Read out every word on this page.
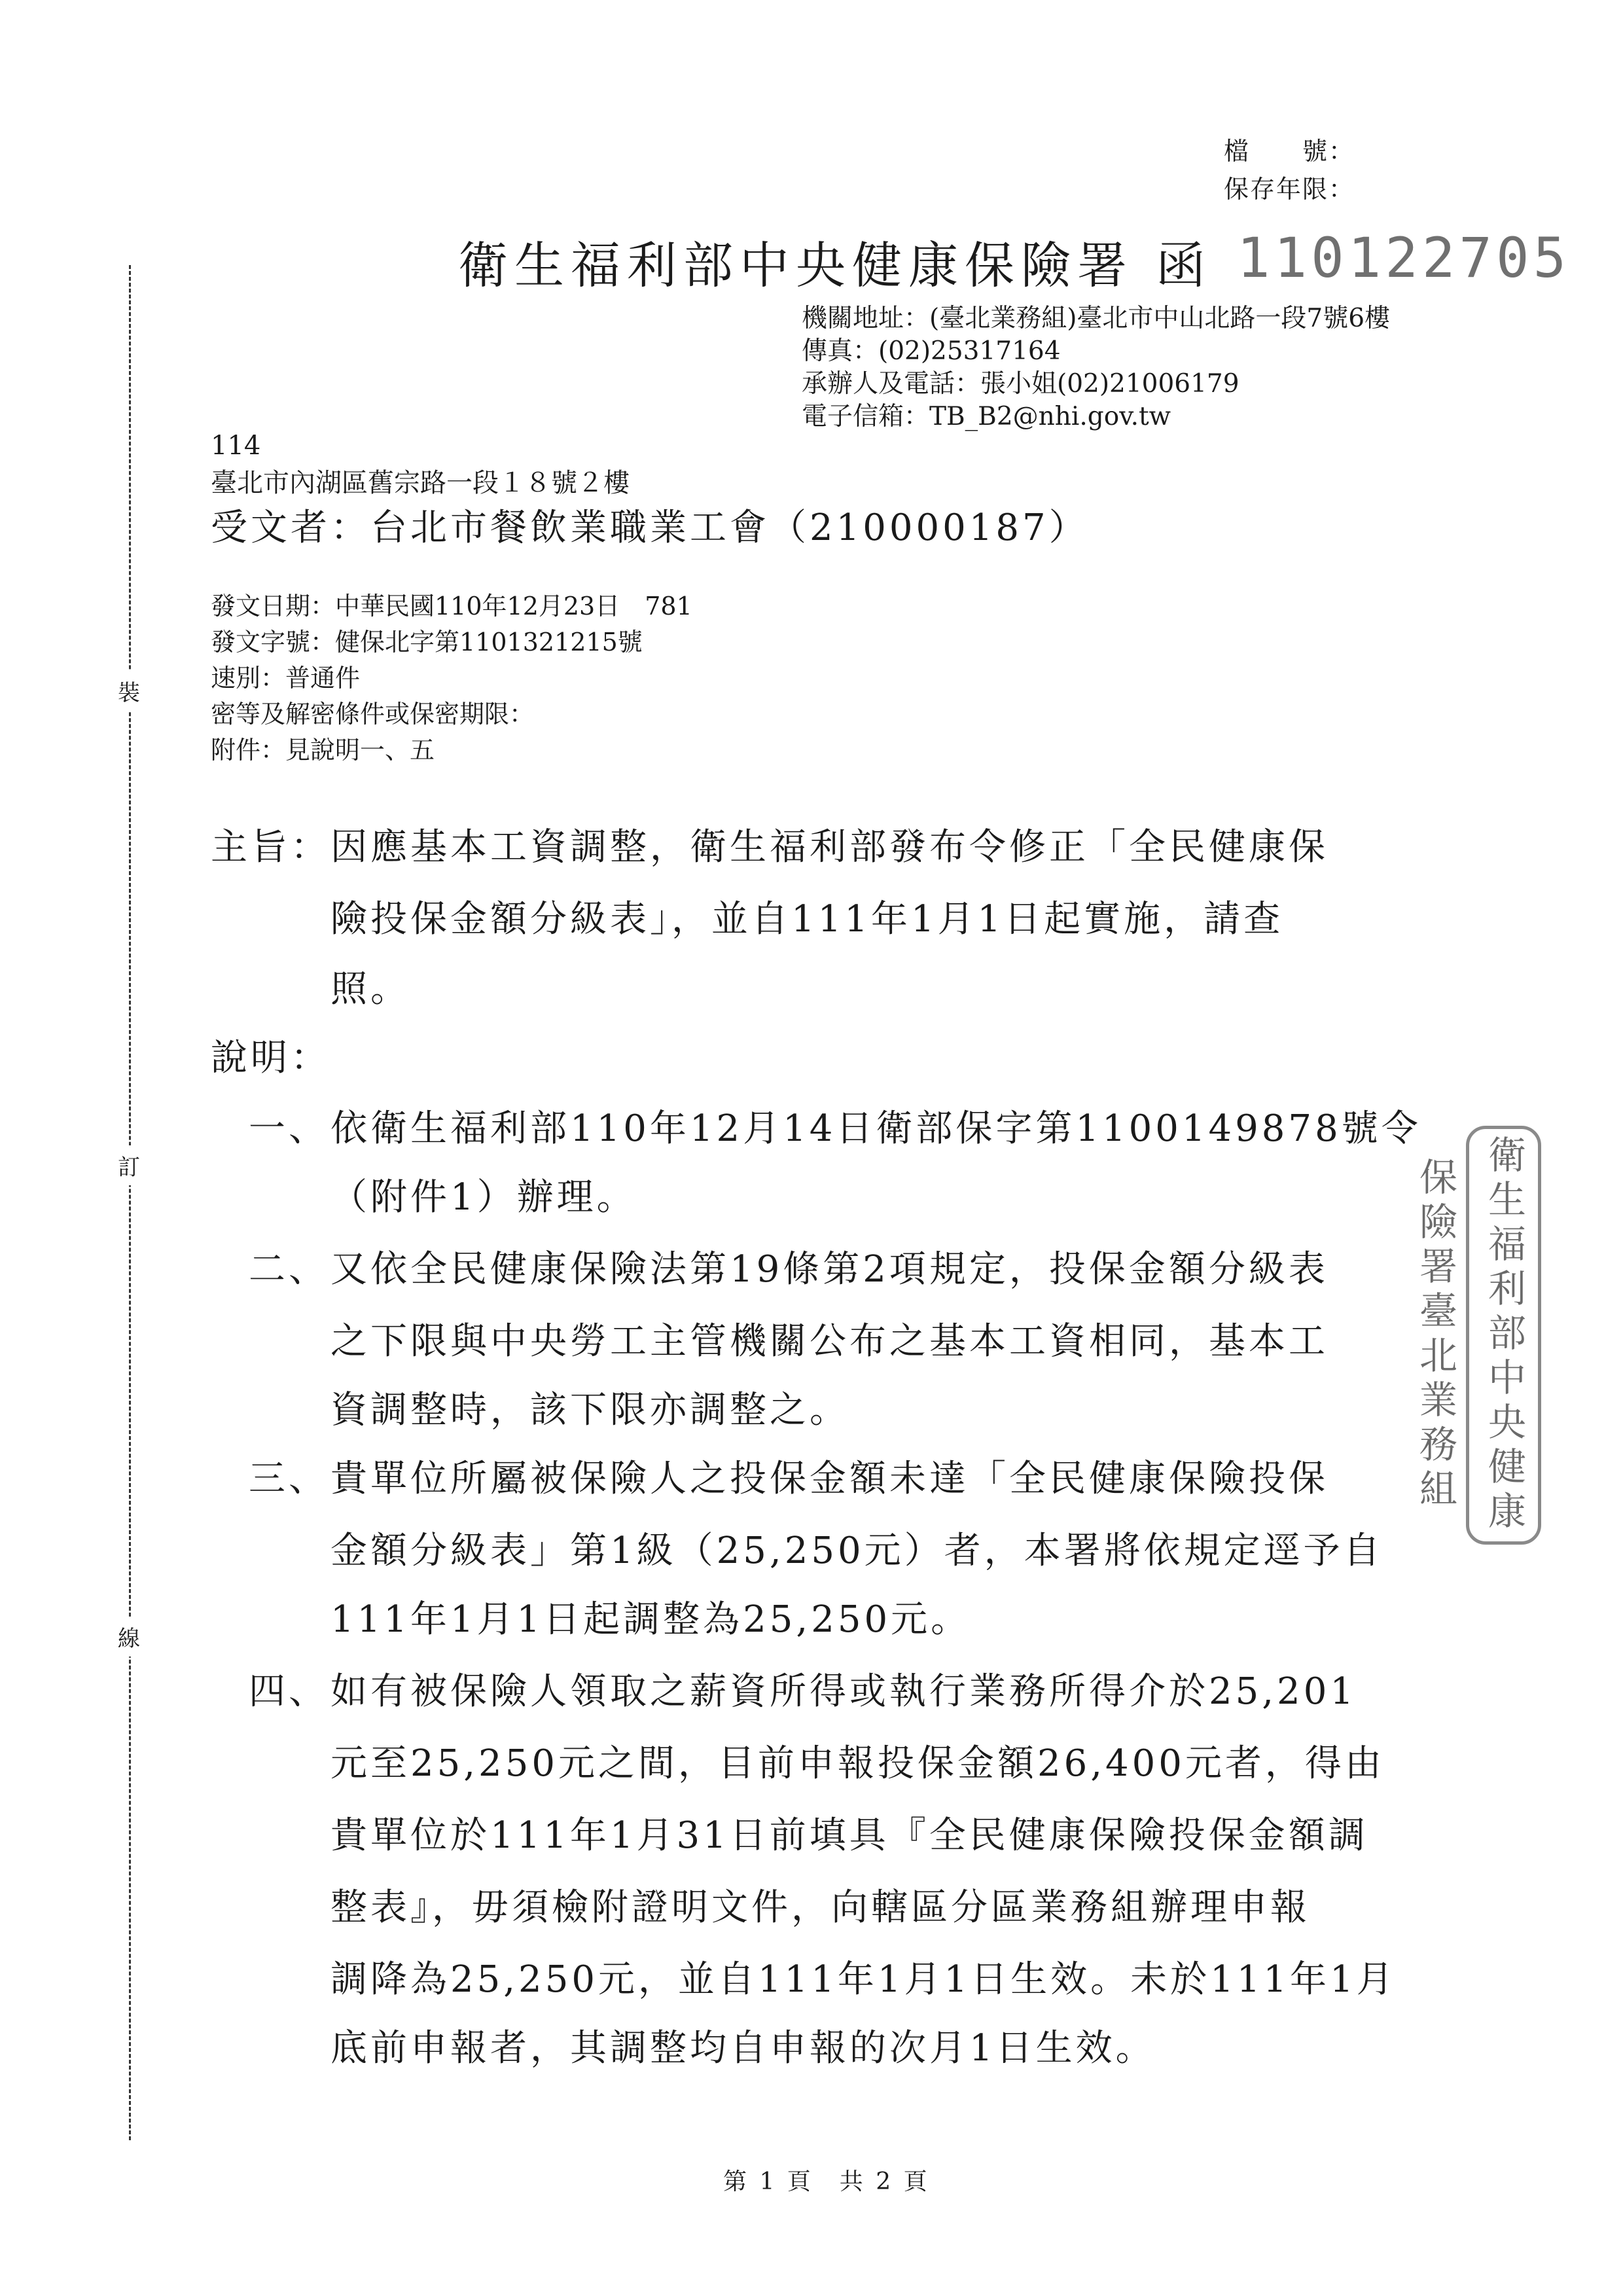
檔　　號：
保存年限：
衛生福利部中央健康保險署 函 110122705
機關地址：(臺北業務組)臺北市中山北路一段7號6樓
傳真：(02)25317164
承辦人及電話：張小姐(02)21006179
電子信箱：TB_B2@nhi.gov.tw
114
臺北市內湖區舊宗路一段１８號２樓
受文者：台北市餐飲業職業工會（210000187）
發文日期：中華民國110年12月23日　781
發文字號：健保北字第1101321215號
速別：普通件
密等及解密條件或保密期限：
附件：見說明一、五
主旨： 因應基本工資調整，衛生福利部發布令修正「全民健康保
險投保金額分級表」，並自111年1月1日起實施，請查
照。
說明：
一、 依衛生福利部110年12月14日衛部保字第1100149878號令
（附件1）辦理。
二、 又依全民健康保險法第19條第2項規定，投保金額分級表
之下限與中央勞工主管機關公布之基本工資相同，基本工
資調整時，該下限亦調整之。
三、 貴單位所屬被保險人之投保金額未達「全民健康保險投保
金額分級表」第1級（25,250元）者，本署將依規定逕予自
111年1月1日起調整為25,250元。
四、 如有被保險人領取之薪資所得或執行業務所得介於25,201
元至25,250元之間，目前申報投保金額26,400元者，得由
貴單位於111年1月31日前填具『全民健康保險投保金額調
整表』，毋須檢附證明文件，向轄區分區業務組辦理申報
調降為25,250元，並自111年1月1日生效。未於111年1月
底前申報者，其調整均自申報的次月1日生效。
裝
訂
線
衛生福利部中央健康保險署臺北業務組
第 1 頁　共 2 頁
